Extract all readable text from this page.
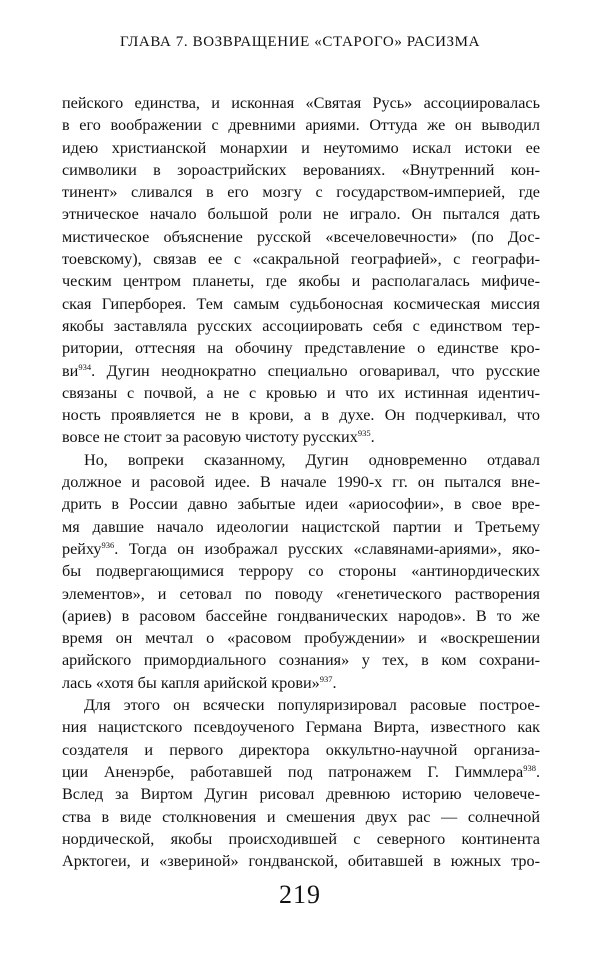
ГЛАВА 7. ВОЗВРАЩЕНИЕ «СТАРОГО» РАСИЗМА
пейского единства, и исконная «Святая Русь» ассоциировалась
в его воображении с древними ариями. Оттуда же он выводил
идею христианской монархии и неутомимо искал истоки ее
символики в зороастрийских верованиях. «Внутренний кон-
тинент» сливался в его мозгу с государством-империей, где
этническое начало большой роли не играло. Он пытался дать
мистическое объяснение русской «всечеловечности» (по Дос-
тоевскому), связав ее с «сакральной географией», с географи-
ческим центром планеты, где якобы и располагалась мифиче-
ская Гиперборея. Тем самым судьбоносная космическая миссия
якобы заставляла русских ассоциировать себя с единством тер-
ритории, оттесняя на обочину представление о единстве кро-
$ви^{934}$. Дугин неоднократно специально оговаривал, что русские
связаны с почвой, а не с кровью и что их истинная идентич-
ность проявляется не в крови, а в духе. Он подчеркивал, что
вовсе не стоит за расовую чистоту русских$^{935}$.
Но, вопреки сказанному, Дугин одновременно отдавал
должное и расовой идее. В начале 1990-х гг. он пытался вне-
дрить в России давно забытые идеи «ариософии», в свое вре-
мя давшие начало идеологии нацистской партии и Третьему
рейху$^{936}$. Тогда он изображал русских «славянами-ариями», яко-
бы подвергающимися террору со стороны «антинордических
элементов», и сетовал по поводу «генетического растворения
(ариев) в расовом бассейне гондванических народов». В то же
время он мечтал о «расовом пробуждении» и «воскрешении
арийского примордиального сознания» у тех, в ком сохрани-
лась «хотя бы капля арийской крови»$^{937}$.
Для этого он всячески популяризировал расовые построе-
ния нацистского псевдоученого Германа Вирта, известного как
создателя и первого директора оккультно-научной организа-
ции Аненэрбе, работавшей под патронажем Г. Гиммлера$^{938}$.
Вслед за Виртом Дугин рисовал древнюю историю человече-
ства в виде столкновения и смешения двух рас — солнечной
нордической, якобы происходившей с северного континента
Арктогеи, и «звериной» гондванской, обитавшей в южных тро-
219
